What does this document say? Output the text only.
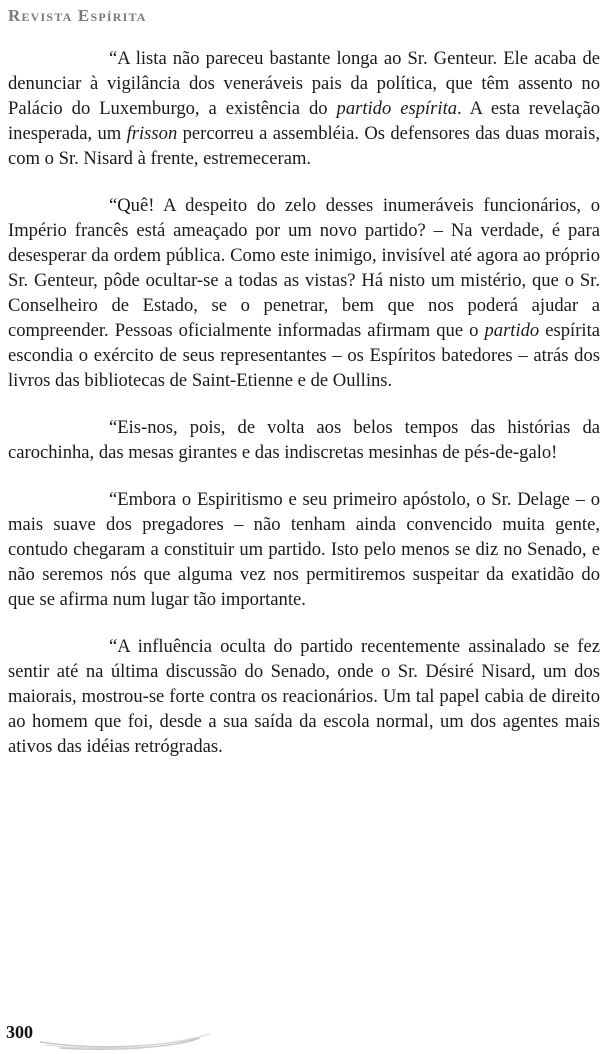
Revista Espírita

“A lista não pareceu bastante longa ao Sr. Genteur. Ele acaba de denunciar à vigilância dos veneráveis pais da política, que têm assento no Palácio do Luxemburgo, a existência do partido espírita. A esta revelação inesperada, um frisson percorreu a assembléia. Os defensores das duas morais, com o Sr. Nisard à frente, estremeceram.

“Quê! A despeito do zelo desses inumeráveis funcionários, o Império francês está ameaçado por um novo partido? – Na verdade, é para desesperar da ordem pública. Como este inimigo, invisível até agora ao próprio Sr. Genteur, pôde ocultar-se a todas as vistas? Há nisto um mistério, que o Sr. Conselheiro de Estado, se o penetrar, bem que nos poderá ajudar a compreender. Pessoas oficialmente informadas afirmam que o partido espírita escondia o exército de seus representantes – os Espíritos batedores – atrás dos livros das bibliotecas de Saint-Etienne e de Oullins.

“Eis-nos, pois, de volta aos belos tempos das histórias da carochinha, das mesas girantes e das indiscretas mesinhas de pés-de-galo!

“Embora o Espiritismo e seu primeiro apóstolo, o Sr. Delage – o mais suave dos pregadores – não tenham ainda convencido muita gente, contudo chegaram a constituir um partido. Isto pelo menos se diz no Senado, e não seremos nós que alguma vez nos permitiremos suspeitar da exatidão do que se afirma num lugar tão importante.

“A influência oculta do partido recentemente assinalado se fez sentir até na última discussão do Senado, onde o Sr. Désiré Nisard, um dos maiorais, mostrou-se forte contra os reacionários. Um tal papel cabia de direito ao homem que foi, desde a sua saída da escola normal, um dos agentes mais ativos das idéias retrógradas.

300
